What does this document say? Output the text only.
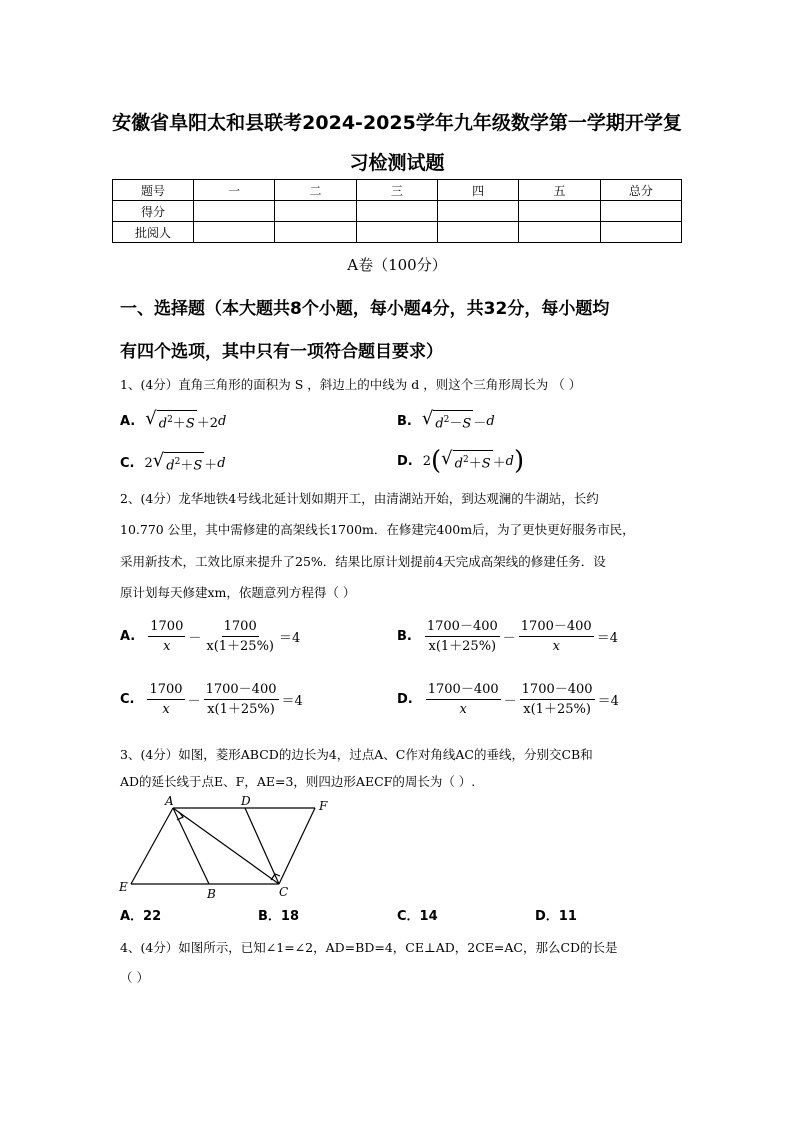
安徽省阜阳太和县联考2024-2025学年九年级数学第一学期开学复
习检测试题
题号	一	二	三	四	五	总分
得分						
批阅人						
A卷（100分）
一、选择题（本大题共8个小题，每小题4分，共32分，每小题均
有四个选项，其中只有一项符合题目要求）
1、(4分）直角三角形的面积为 S ，斜边上的中线为 d ，则这个三角形周长为 （ ）
A. √ $d^2+S +2$ d	B. √ $d^2-S - d$
C. 2 √ $d^2+S + d$	D. 2 ( √ $d^2+S + d$ )
2、(4分）龙华地铁4号线北延计划如期开工，由清湖站开始，到达观澜的牛湖站，长约
10.770 公里，其中需修建的高架线长1700m．在修建完400m后，为了更快更好服务市民，
采用新技术，工效比原来提升了25%．结果比原计划提前4天完成高架线的修建任务．设
原计划每天修建xm，依题意列方程得（ ）
A. $\frac{1700}{x} - \frac{1700}{x(1+25\%)} =4$	B. $\frac{1700-400}{x(1+25\%)} - \frac{1700-400}{x} =4$
C. $\frac{1700}{x} - \frac{1700-400}{x(1+25\%)} =4$	D. $\frac{1700-400}{x} - \frac{1700-400}{x(1+25\%)} =4$
3、(4分）如图，菱形ABCD的边长为4，过点A、C作对角线AC的垂线，分别交CB和
AD的延长线于点E、F，AE=3，则四边形AECF的周长为（ ）.
A	D	F
E	B	C
A．22	B．18	C．14	D．11
4、(4分）如图所示，已知∠1=∠2，AD=BD=4，CE⊥AD，2CE=AC，那么CD的长是
（ ）
